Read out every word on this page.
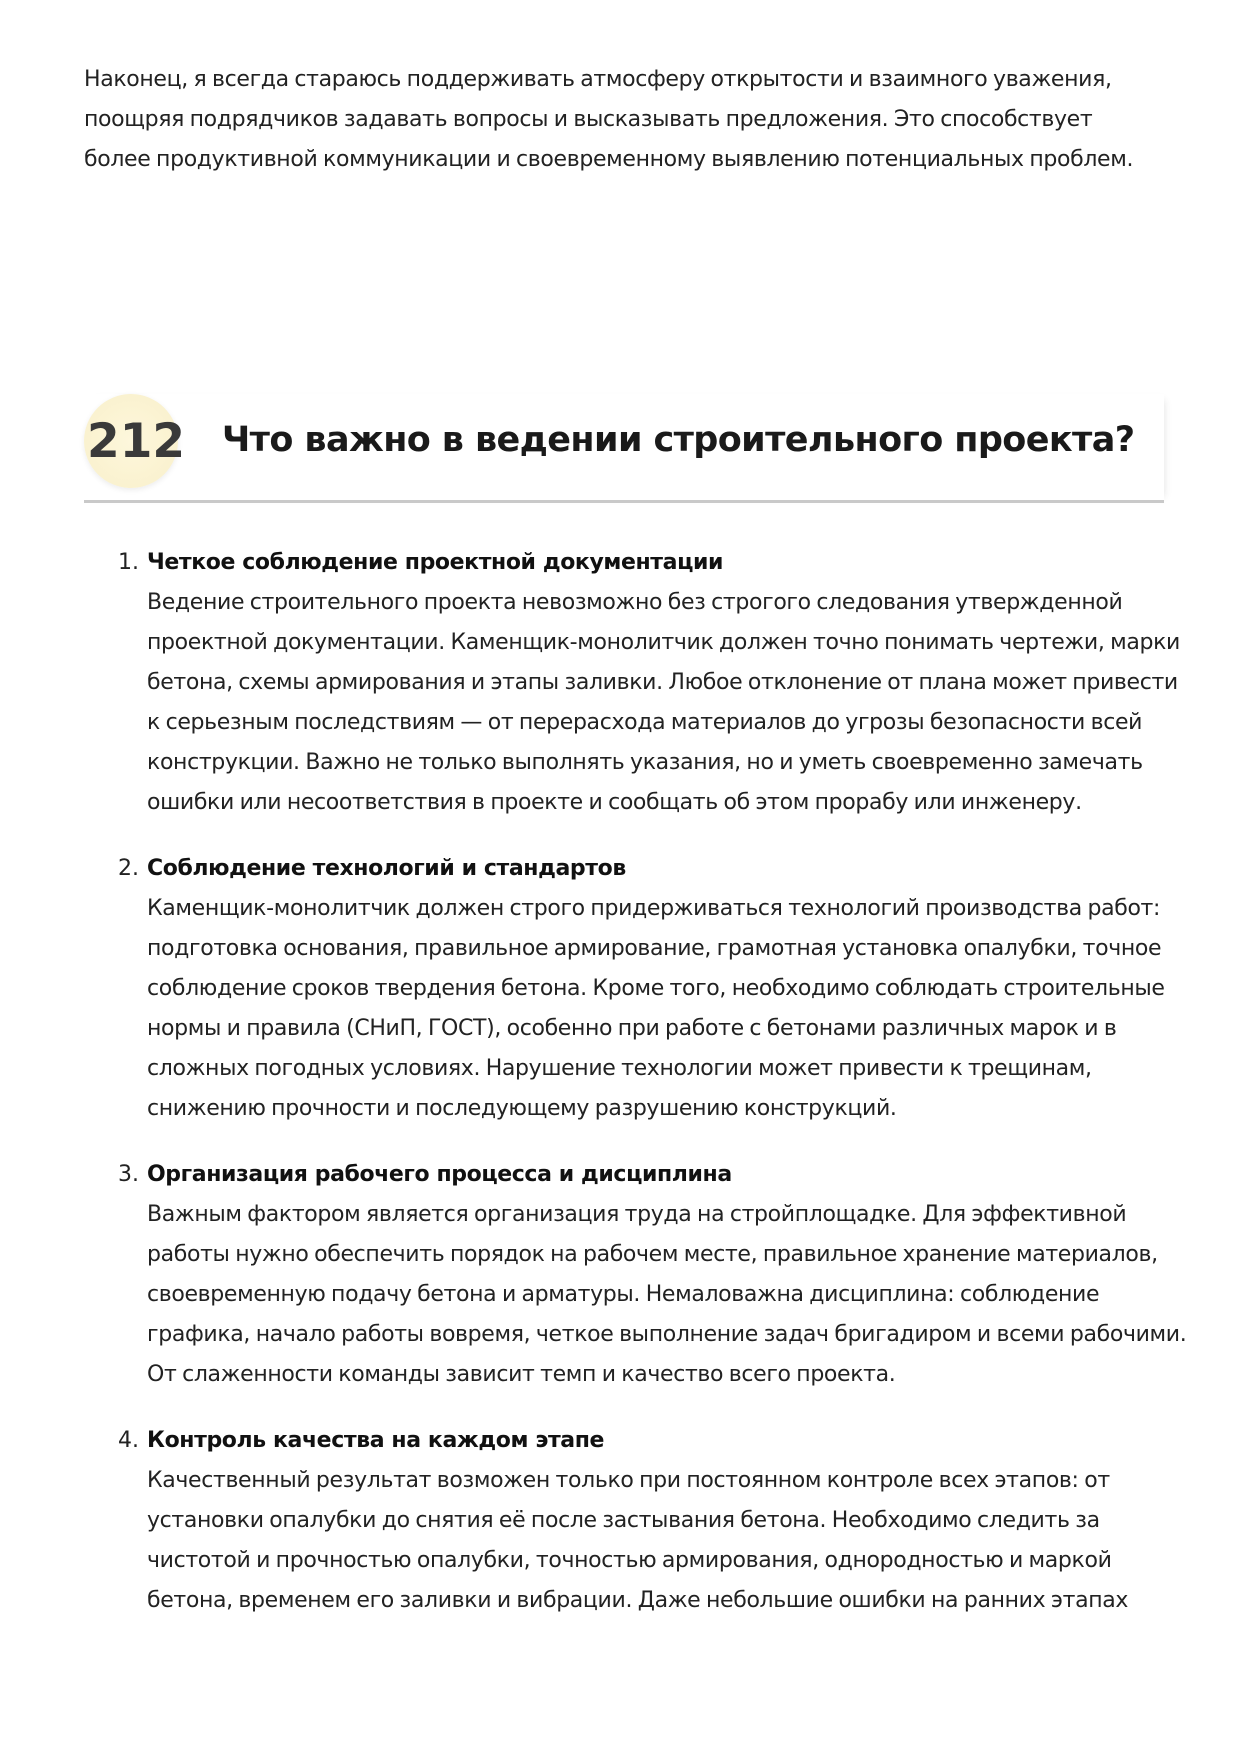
Наконец, я всегда стараюсь поддерживать атмосферу открытости и взаимного уважения, поощряя подрядчиков задавать вопросы и высказывать предложения. Это способствует более продуктивной коммуникации и своевременному выявлению потенциальных проблем.

212 Что важно в ведении строительного проекта?
1. Четкое соблюдение проектной документации
Ведение строительного проекта невозможно без строгого следования утвержденной проектной документации. Каменщик-монолитчик должен точно понимать чертежи, марки бетона, схемы армирования и этапы заливки. Любое отклонение от плана может привести к серьезным последствиям — от перерасхода материалов до угрозы безопасности всей конструкции. Важно не только выполнять указания, но и уметь своевременно замечать ошибки или несоответствия в проекте и сообщать об этом прорабу или инженеру.
2. Соблюдение технологий и стандартов
Каменщик-монолитчик должен строго придерживаться технологий производства работ: подготовка основания, правильное армирование, грамотная установка опалубки, точное соблюдение сроков твердения бетона. Кроме того, необходимо соблюдать строительные нормы и правила (СНиП, ГОСТ), особенно при работе с бетонами различных марок и в сложных погодных условиях. Нарушение технологии может привести к трещинам, снижению прочности и последующему разрушению конструкций.
3. Организация рабочего процесса и дисциплина
Важным фактором является организация труда на стройплощадке. Для эффективной работы нужно обеспечить порядок на рабочем месте, правильное хранение материалов, своевременную подачу бетона и арматуры. Немаловажна дисциплина: соблюдение графика, начало работы вовремя, четкое выполнение задач бригадиром и всеми рабочими. От слаженности команды зависит темп и качество всего проекта.
4. Контроль качества на каждом этапе
Качественный результат возможен только при постоянном контроле всех этапов: от установки опалубки до снятия её после застывания бетона. Необходимо следить за чистотой и прочностью опалубки, точностью армирования, однородностью и маркой бетона, временем его заливки и вибрации. Даже небольшие ошибки на ранних этапах
